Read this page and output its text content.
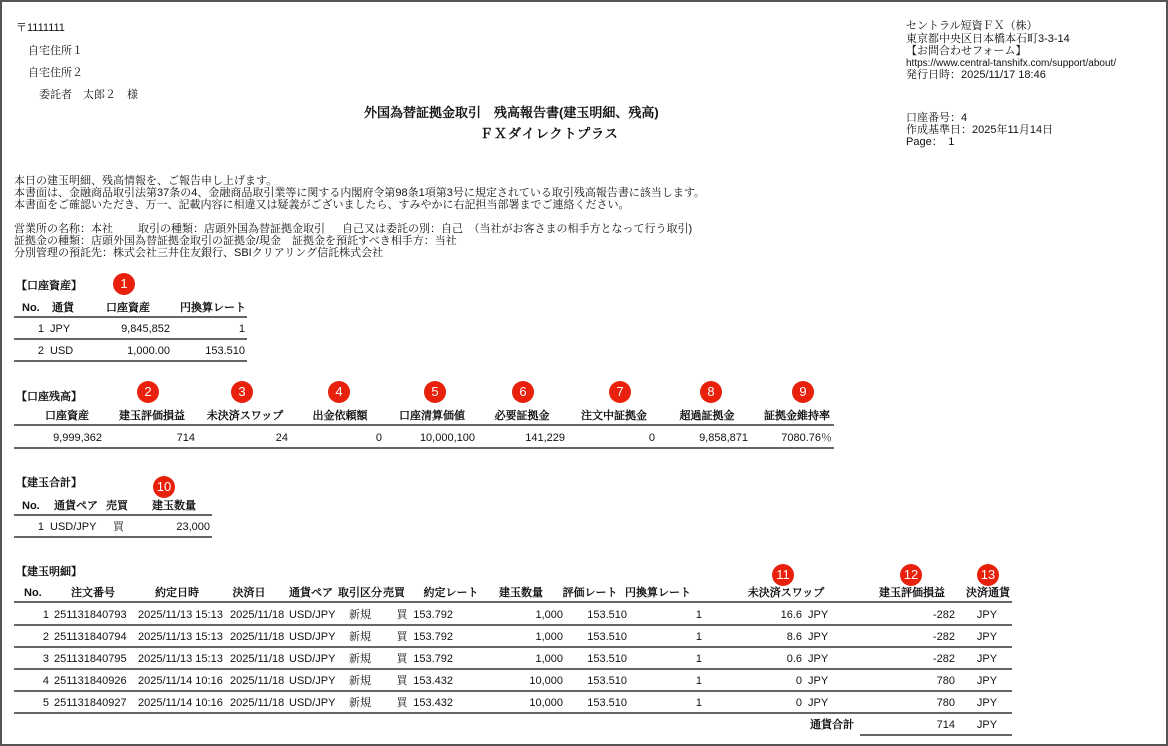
〒1111111
自宅住所１
自宅住所２
委託者　太郎２　様
外国為替証拠金取引　残高報告書(建玉明細、残高)
ＦＸダイレクトプラス
セントラル短資ＦＸ（株）
東京都中央区日本橋本石町3-3-14
【お問合わせフォーム】
https://www.central-tanshifx.com/support/about/
発行日時：2025/11/17 18:46
口座番号：4
作成基準日：2025年11月14日
Page：　1
本日の建玉明細、残高情報を、ご報告申し上げます。
本書面は、金融商品取引法第37条の4、金融商品取引業等に関する内閣府令第98条1項第3号に規定されている取引残高報告書に該当します。
本書面をご確認いただき、万一、記載内容に相違又は疑義がございましたら、すみやかに右記担当部署までご連絡ください。
営業所の名称：本社 取引の種類：店頭外国為替証拠金取引 自己又は委託の別：自己　（当社がお客さまの相手方となって行う取引)
証拠金の種類：店頭外国為替証拠金取引の証拠金/現金 証拠金を預託すべき相手方：当社
分別管理の預託先：株式会社三井住友銀行、SBIクリアリング信託株式会社
【口座資産】
【口座残高】
【建玉合計】
【建玉明細】
No. 通貨	口座資産	円換算レート
1 JPY	9,845,852	1
2 USD	1,000.00	153.510
口座資産	建玉評価損益	未決済スワップ	出金依頼額	口座清算価値	必要証拠金	注文中証拠金	超過証拠金	証拠金維持率
9,999,362	714	24	0	10,000,100	141,229	0	9,858,871	7080.76％
No. 通貨ペア 売買 建玉数量
1 USD/JPY 買	23,000
No.	注文番号	約定日時	決済日	通貨ペア 取引区分 売買	約定レート	建玉数量	評価レート 円換算レート	未決済スワップ	建玉評価損益	決済通貨
1 251131840793 2025/11/13 15:13 2025/11/18 USD/JPY	新規	買 153.792	1,000	153.510	1	16.6 JPY	-282	JPY
2 251131840794 2025/11/13 15:13 2025/11/18 USD/JPY	新規	買 153.792	1,000	153.510	1	8.6 JPY	-282	JPY
3 251131840795 2025/11/13 15:13 2025/11/18 USD/JPY	新規	買 153.792	1,000	153.510	1	0.6 JPY	-282	JPY
4 251131840926 2025/11/14 10:16 2025/11/18 USD/JPY	新規	買 153.432	10,000	153.510	1	0 JPY	780	JPY
5 251131840927 2025/11/14 10:16 2025/11/18 USD/JPY	新規	買 153.432	10,000	153.510	1	0 JPY	780	JPY
通貨合計	714	JPY
1
2	3	4	5	6	7	8	9
10
11	12	13
